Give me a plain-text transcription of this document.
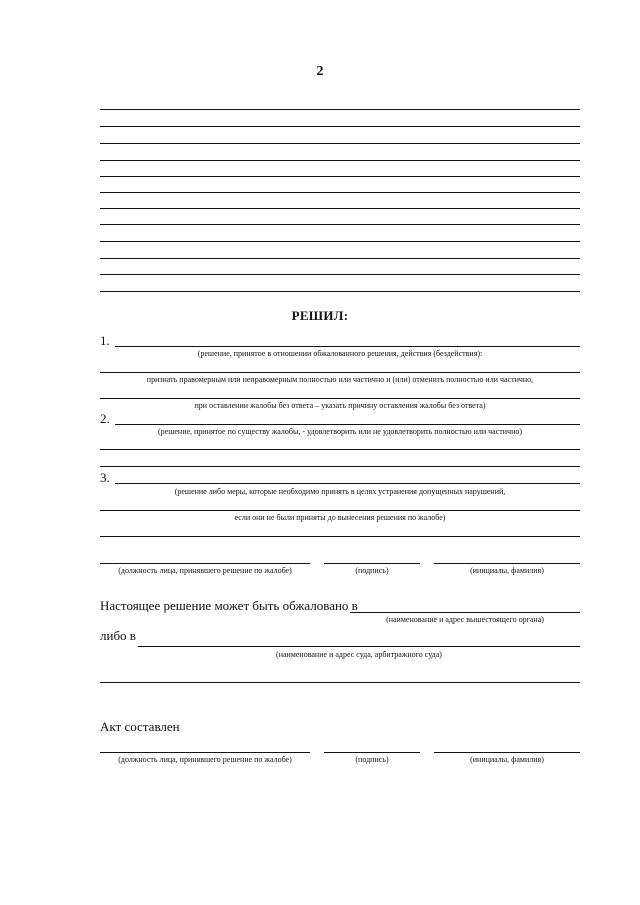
2
РЕШИЛ:
1.
(решение, принятое в отношении обжалованного решения, действия (бездействия):
признать правомерным или неправомерным полностью или частично и (или) отменить полностью или частично,
при оставлении жалобы без ответа – указать причину оставления жалобы без ответа)
2.
(решение, принятое по существу жалобы, - удовлетворить или не удовлетворить полностью или частично)
3.
(решение либо меры, которые необходимо принять в целях устранения допущенных нарушений,
если они не были приняты до вынесения решения по жалобе)
(должность лица, принявшего решение по жалобе)	(подпись)	(инициалы, фамилия)
Настоящее решение может быть обжаловано в
(наименование и адрес вышестоящего органа)
либо в
(наименование и адрес суда, арбитражного суда)
Акт составлен
(должность лица, принявшего решение по жалобе)	(подпись)	(инициалы, фамилия)
